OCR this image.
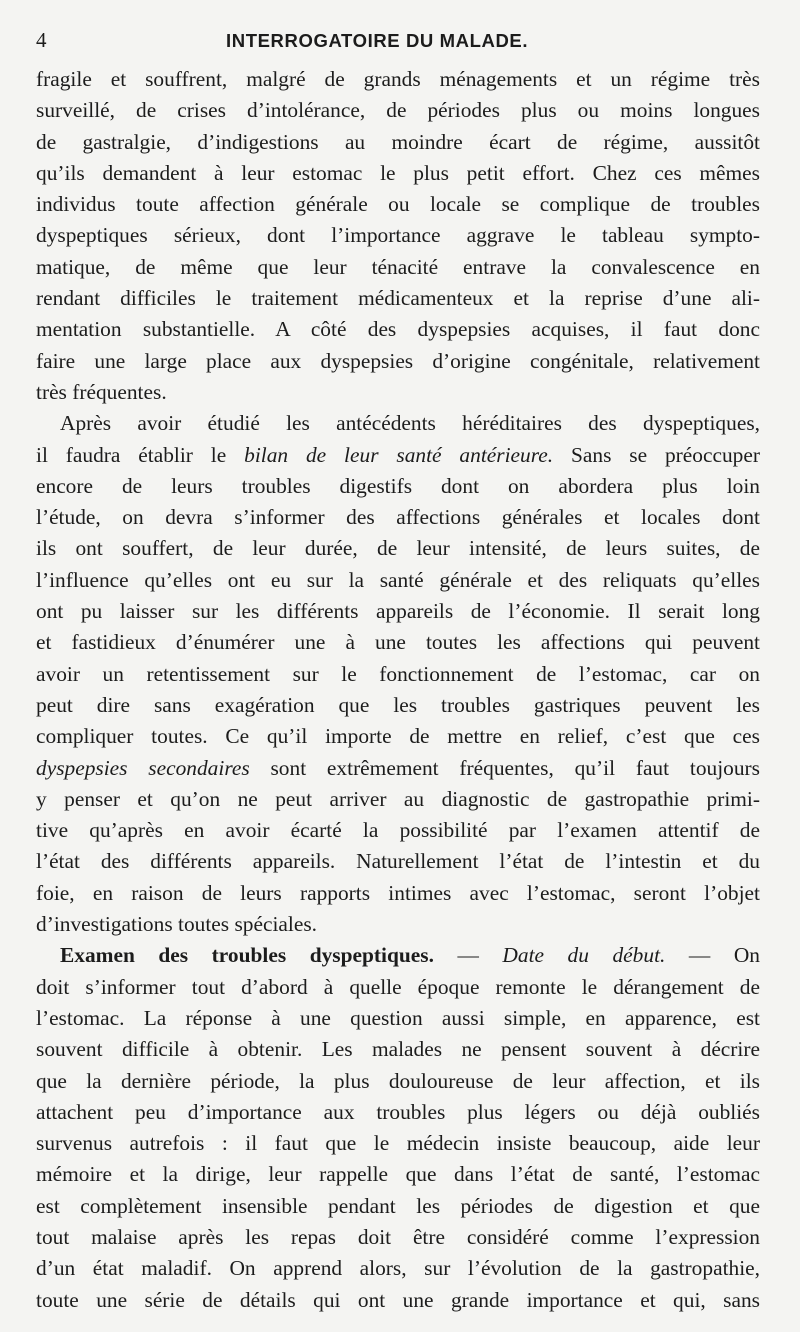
4	INTERROGATOIRE DU MALADE.
fragile et souffrent, malgré de grands ménagements et un régime très
surveillé, de crises d’intolérance, de périodes plus ou moins longues
de gastralgie, d’indigestions au moindre écart de régime, aussitôt
qu’ils demandent à leur estomac le plus petit effort. Chez ces mêmes
individus toute affection générale ou locale se complique de troubles
dyspeptiques sérieux, dont l’importance aggrave le tableau sympto-
matique, de même que leur ténacité entrave la convalescence en
rendant difficiles le traitement médicamenteux et la reprise d’une ali-
mentation substantielle. A côté des dyspepsies acquises, il faut donc
faire une large place aux dyspepsies d’origine congénitale, relativement
très fréquentes.
Après avoir étudié les antécédents héréditaires des dyspeptiques,
il faudra établir le bilan de leur santé antérieure. Sans se préoccuper
encore de leurs troubles digestifs dont on abordera plus loin
l’étude, on devra s’informer des affections générales et locales dont
ils ont souffert, de leur durée, de leur intensité, de leurs suites, de
l’influence qu’elles ont eu sur la santé générale et des reliquats qu’elles
ont pu laisser sur les différents appareils de l’économie. Il serait long
et fastidieux d’énumérer une à une toutes les affections qui peuvent
avoir un retentissement sur le fonctionnement de l’estomac, car on
peut dire sans exagération que les troubles gastriques peuvent les
compliquer toutes. Ce qu’il importe de mettre en relief, c’est que ces
dyspepsies secondaires sont extrêmement fréquentes, qu’il faut toujours
y penser et qu’on ne peut arriver au diagnostic de gastropathie primi-
tive qu’après en avoir écarté la possibilité par l’examen attentif de
l’état des différents appareils. Naturellement l’état de l’intestin et du
foie, en raison de leurs rapports intimes avec l’estomac, seront l’objet
d’investigations toutes spéciales.
Examen des troubles dyspeptiques. — Date du début. — On
doit s’informer tout d’abord à quelle époque remonte le dérangement de
l’estomac. La réponse à une question aussi simple, en apparence, est
souvent difficile à obtenir. Les malades ne pensent souvent à décrire
que la dernière période, la plus douloureuse de leur affection, et ils
attachent peu d’importance aux troubles plus légers ou déjà oubliés
survenus autrefois : il faut que le médecin insiste beaucoup, aide leur
mémoire et la dirige, leur rappelle que dans l’état de santé, l’estomac
est complètement insensible pendant les périodes de digestion et que
tout malaise après les repas doit être considéré comme l’expression
d’un état maladif. On apprend alors, sur l’évolution de la gastropathie,
toute une série de détails qui ont une grande importance et qui, sans
